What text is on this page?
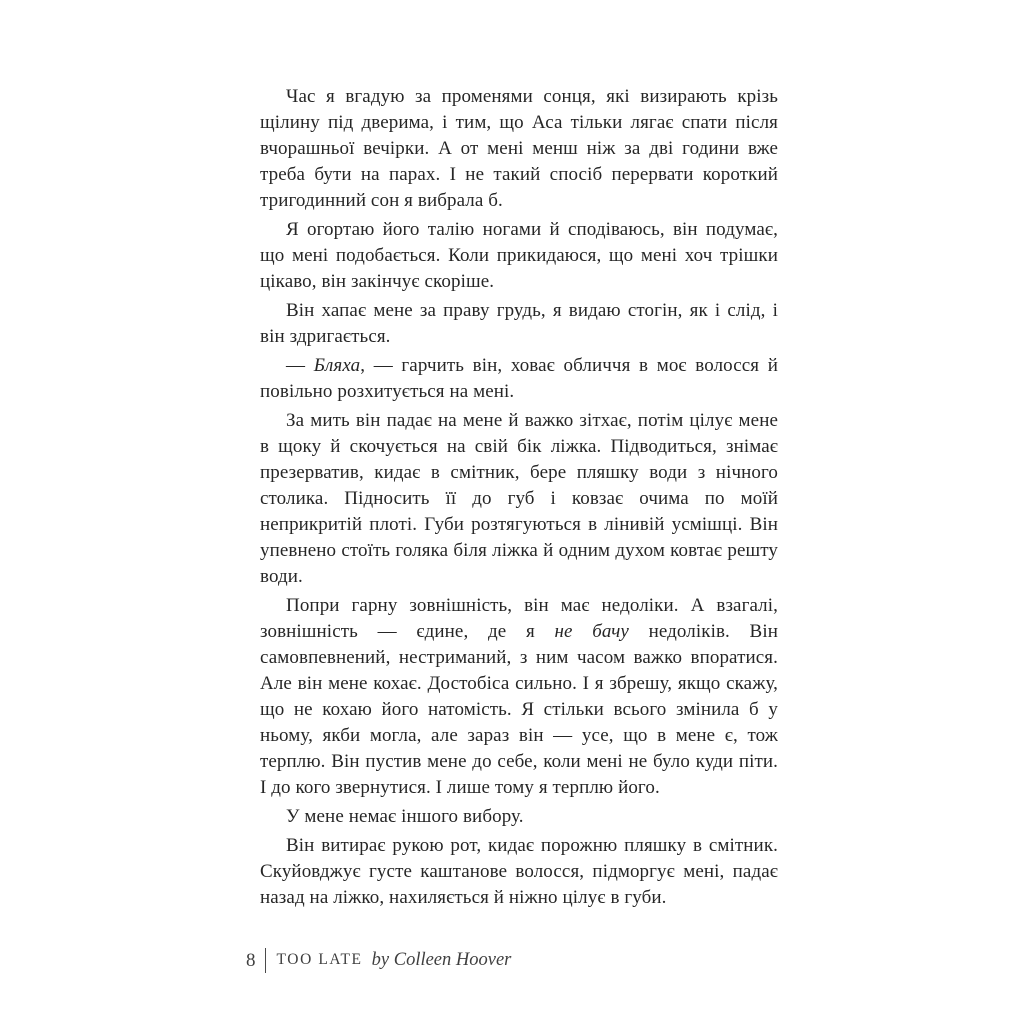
Час я вгадую за променями сонця, які визирають крізь щілину під дверима, і тим, що Аса тільки лягає спати після вчорашньої вечірки. А от мені менш ніж за дві години вже треба бути на парах. І не такий спосіб перервати короткий тригодинний сон я вибрала б.

Я огортаю його талію ногами й сподіваюсь, він подумає, що мені подобається. Коли прикидаюся, що мені хоч трішки цікаво, він закінчує скоріше.

Він хапає мене за праву грудь, я видаю стогін, як і слід, і він здригається.

— Бляха, — гарчить він, ховає обличчя в моє волосся й повільно розхитується на мені.

За мить він падає на мене й важко зітхає, потім цілує мене в щоку й скочується на свій бік ліжка. Підводиться, знімає презерватив, кидає в смітник, бере пляшку води з нічного столика. Підносить її до губ і ковзає очима по моїй неприкритій плоті. Губи розтягуються в лінивій усмішці. Він упевнено стоїть голяка біля ліжка й одним духом ковтає решту води.

Попри гарну зовнішність, він має недоліки. А взагалі, зовнішність — єдине, де я не бачу недоліків. Він самовпевнений, нестриманий, з ним часом важко впоратися. Але він мене кохає. Достобіса сильно. І я збрешу, якщо скажу, що не кохаю його натомість. Я стільки всього змінила б у ньому, якби могла, але зараз він — усе, що в мене є, тож терплю. Він пустив мене до себе, коли мені не було куди піти. І до кого звернутися. І лише тому я терплю його.

У мене немає іншого вибору.

Він витирає рукою рот, кидає порожню пляшку в смітник. Скуйовджує густе каштанове волосся, підморгує мені, падає назад на ліжко, нахиляється й ніжно цілує в губи.

8 TOO LATE by Colleen Hoover
